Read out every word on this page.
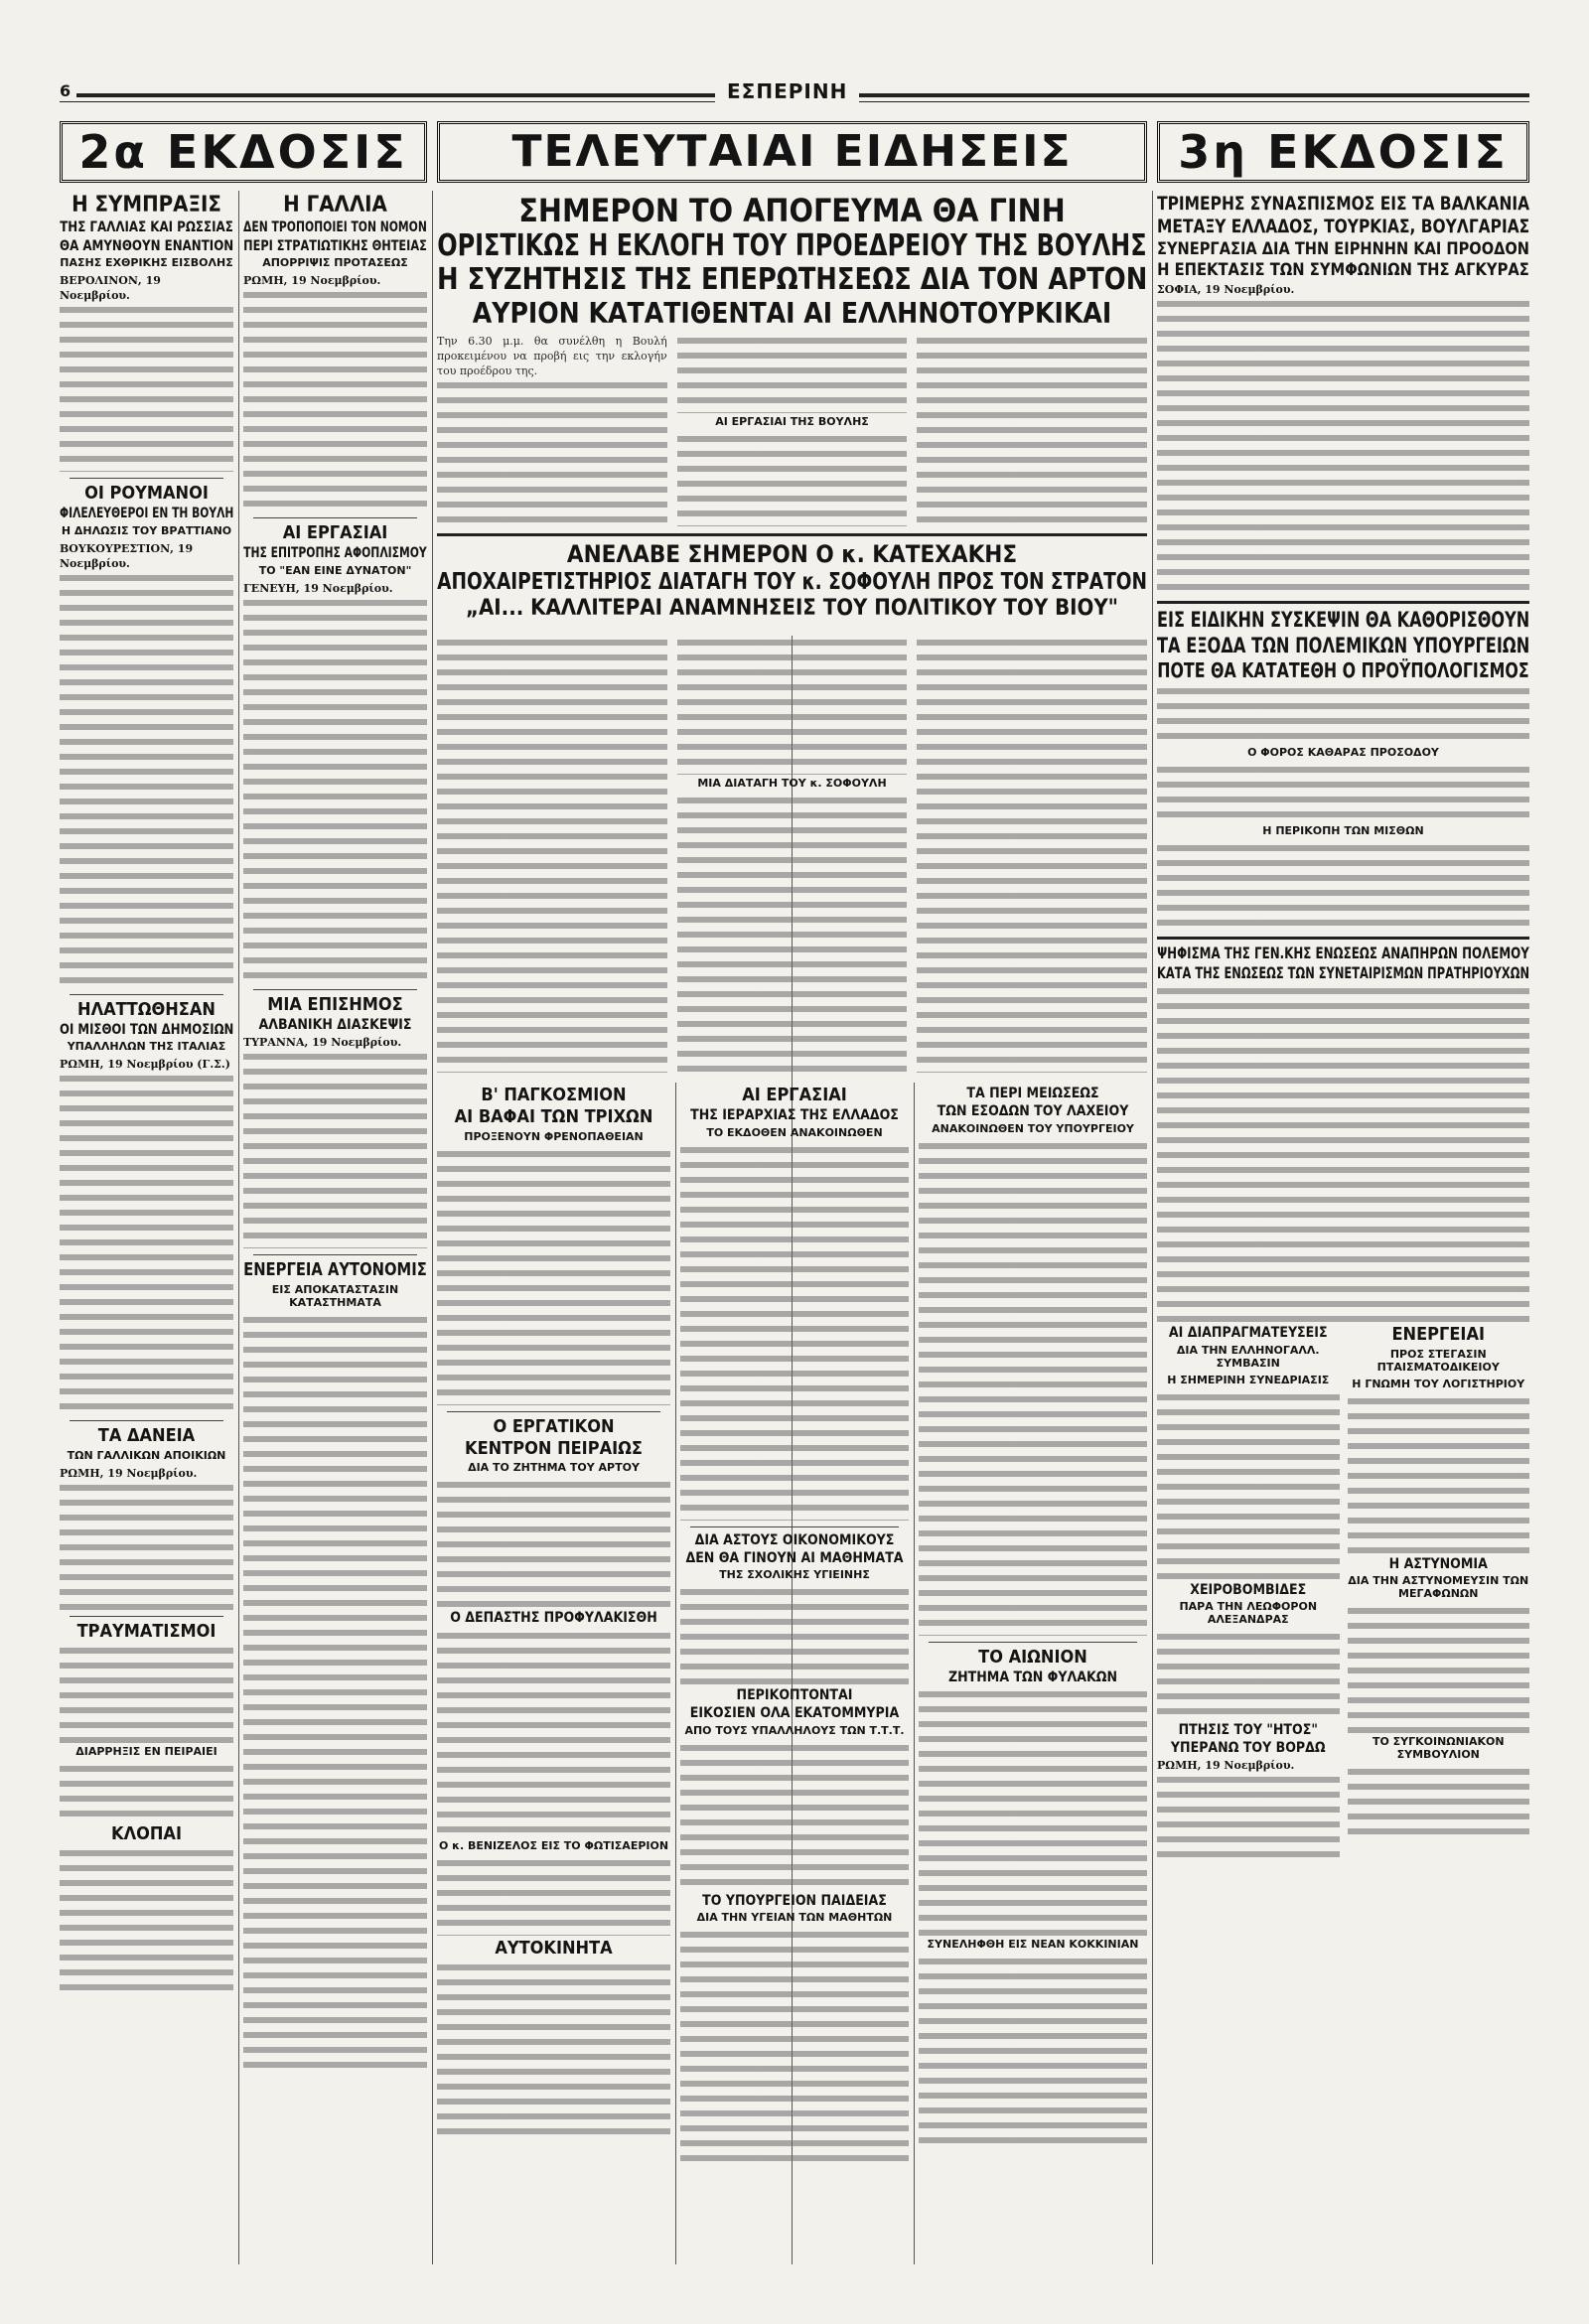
6	ΕΣΠΕΡΙΝΗ
2α ΕΚΔΟΣΙΣ	ΤΕΛΕΥΤΑΙΑΙ ΕΙΔΗΣΕΙΣ	3η ΕΚΔΟΣΙΣ
Η ΣΥΜΠΡΑΞΙΣ
ΤΗΣ ΓΑΛΛΙΑΣ ΚΑΙ ΡΩΣΣΙΑΣ
ΘΑ ΑΜΥΝΘΟΥΝ ΕΝΑΝΤΙΟΝ
ΠΑΣΗΣ ΕΧΘΡΙΚΗΣ ΕΙΣΒΟΛΗΣ
ΒΕΡΟΛΙΝΟΝ, 19 Νοεμβρίου.
ΟΙ ΡΟΥΜΑΝΟΙ
ΦΙΛΕΛΕΥΘΕΡΟΙ ΕΝ ΤΗ ΒΟΥΛΗ
Η ΔΗΛΩΣΙΣ ΤΟΥ ΒΡΑΤΤΙΑΝΟ
ΒΟΥΚΟΥΡΕΣΤΙΟΝ, 19 Νοεμβρίου.
ΗΛΑΤΤΩΘΗΣΑΝ
ΟΙ ΜΙΣΘΟΙ ΤΩΝ ΔΗΜΟΣΙΩΝ
ΥΠΑΛΛΗΛΩΝ ΤΗΣ ΙΤΑΛΙΑΣ
ΡΩΜΗ, 19 Νοεμβρίου (Γ.Σ.)
ΤΑ ΔΑΝΕΙΑ
ΤΩΝ ΓΑΛΛΙΚΩΝ ΑΠΟΙΚΙΩΝ
ΡΩΜΗ, 19 Νοεμβρίου.
ΤΡΑΥΜΑΤΙΣΜΟΙ
ΔΙΑΡΡΗΞΙΣ ΕΝ ΠΕΙΡΑΙΕΙ
ΚΛΟΠΑΙ
Η ΓΑΛΛΙΑ
ΔΕΝ ΤΡΟΠΟΠΟΙΕΙ ΤΟΝ ΝΟΜΟΝ
ΠΕΡΙ ΣΤΡΑΤΙΩΤΙΚΗΣ ΘΗΤΕΙΑΣ
ΑΠΟΡΡΙΨΙΣ ΠΡΟΤΑΣΕΩΣ
ΡΩΜΗ, 19 Νοεμβρίου.
ΑΙ ΕΡΓΑΣΙΑΙ
ΤΗΣ ΕΠΙΤΡΟΠΗΣ ΑΦΟΠΛΙΣΜΟΥ
ΤΟ "ΕΑΝ ΕΙΝΕ ΔΥΝΑΤΟΝ"
ΓΕΝΕΥΗ, 19 Νοεμβρίου.
ΜΙΑ ΕΠΙΣΗΜΟΣ
ΑΛΒΑΝΙΚΗ ΔΙΑΣΚΕΨΙΣ
ΤΥΡΑΝΝΑ, 19 Νοεμβρίου.
ΕΝΕΡΓΕΙΑ ΑΥΤΟΝΟΜΙΣ
ΕΙΣ ΑΠΟΚΑΤΑΣΤΑΣΙΝ ΚΑΤΑΣΤΗΜΑΤΑ
ΣΗΜΕΡΟΝ ΤΟ ΑΠΟΓΕΥΜΑ ΘΑ ΓΙΝΗ
ΟΡΙΣΤΙΚΩΣ Η ΕΚΛΟΓΗ ΤΟΥ ΠΡΟΕΔΡΕΙΟΥ ΤΗΣ ΒΟΥΛΗΣ
Η ΣΥΖΗΤΗΣΙΣ ΤΗΣ ΕΠΕΡΩΤΗΣΕΩΣ ΔΙΑ ΤΟΝ ΑΡΤΟΝ
ΑΥΡΙΟΝ ΚΑΤΑΤΙΘΕΝΤΑΙ ΑΙ ΕΛΛΗΝΟΤΟΥΡΚΙΚΑΙ

Την 6.30 μ.μ. θα συνέλθη η Βουλή προκειμένου να προβή εις την εκλογήν του προέδρου της.

ΑΙ ΕΡΓΑΣΙΑΙ ΤΗΣ ΒΟΥΛΗΣ
ΑΝΕΛΑΒΕ ΣΗΜΕΡΟΝ Ο κ. ΚΑΤΕΧΑΚΗΣ
ΑΠΟΧΑΙΡΕΤΙΣΤΗΡΙΟΣ ΔΙΑΤΑΓΗ ΤΟΥ κ. ΣΟΦΟΥΛΗ ΠΡΟΣ ΤΟΝ ΣΤΡΑΤΟΝ
„ΑΙ... ΚΑΛΛΙΤΕΡΑΙ ΑΝΑΜΝΗΣΕΙΣ ΤΟΥ ΠΟΛΙΤΙΚΟΥ ΤΟΥ ΒΙΟΥ"
ΜΙΑ ΔΙΑΤΑΓΗ ΤΟΥ κ. ΣΟΦΟΥΛΗ
Β' ΠΑΓΚΟΣΜΙΟΝ
ΑΙ ΒΑΦΑΙ ΤΩΝ ΤΡΙΧΩΝ
ΠΡΟΞΕΝΟΥΝ ΦΡΕΝΟΠΑΘΕΙΑΝ
Ο ΕΡΓΑΤΙΚΟΝ
ΚΕΝΤΡΟΝ ΠΕΙΡΑΙΩΣ
ΔΙΑ ΤΟ ΖΗΤΗΜΑ ΤΟΥ ΑΡΤΟΥ
Ο ΔΕΠΑΣΤΗΣ ΠΡΟΦΥΛΑΚΙΣΘΗ
Ο κ. ΒΕΝΙΖΕΛΟΣ ΕΙΣ ΤΟ ΦΩΤΙΣΑΕΡΙΟΝ
ΑΥΤΟΚΙΝΗΤΑ
ΑΙ ΕΡΓΑΣΙΑΙ
ΤΗΣ ΙΕΡΑΡΧΙΑΣ ΤΗΣ ΕΛΛΑΔΟΣ
ΤΟ ΕΚΔΟΘΕΝ ΑΝΑΚΟΙΝΩΘΕΝ
ΔΙΑ ΑΣΤΟΥΣ ΟΙΚΟΝΟΜΙΚΟΥΣ
ΔΕΝ ΘΑ ΓΙΝΟΥΝ ΑΙ ΜΑΘΗΜΑΤΑ
ΤΗΣ ΣΧΟΛΙΚΗΣ ΥΓΙΕΙΝΗΣ
ΠΕΡΙΚΟΠΤΟΝΤΑΙ
ΕΙΚΟΣΙΕΝ ΟΛΑ ΕΚΑΤΟΜΜΥΡΙΑ
ΑΠΟ ΤΟΥΣ ΥΠΑΛΛΗΛΟΥΣ ΤΩΝ Τ.Τ.Τ.
ΤΟ ΥΠΟΥΡΓΕΙΟΝ ΠΑΙΔΕΙΑΣ
ΔΙΑ ΤΗΝ ΥΓΕΙΑΝ ΤΩΝ ΜΑΘΗΤΩΝ
ΤΑ ΠΕΡΙ ΜΕΙΩΣΕΩΣ
ΤΩΝ ΕΣΟΔΩΝ ΤΟΥ ΛΑΧΕΙΟΥ
ΑΝΑΚΟΙΝΩΘΕΝ ΤΟΥ ΥΠΟΥΡΓΕΙΟΥ
ΤΟ ΑΙΩΝΙΟΝ
ΖΗΤΗΜΑ ΤΩΝ ΦΥΛΑΚΩΝ
ΣΥΝΕΛΗΦΘΗ ΕΙΣ ΝΕΑΝ ΚΟΚΚΙΝΙΑΝ
ΤΡΙΜΕΡΗΣ ΣΥΝΑΣΠΙΣΜΟΣ ΕΙΣ ΤΑ ΒΑΛΚΑΝΙΑ
ΜΕΤΑΞΥ ΕΛΛΑΔΟΣ, ΤΟΥΡΚΙΑΣ, ΒΟΥΛΓΑΡΙΑΣ
ΣΥΝΕΡΓΑΣΙΑ ΔΙΑ ΤΗΝ ΕΙΡΗΝΗΝ ΚΑΙ ΠΡΟΟΔΟΝ
Η ΕΠΕΚΤΑΣΙΣ ΤΩΝ ΣΥΜΦΩΝΙΩΝ ΤΗΣ ΑΓΚΥΡΑΣ
ΣΟΦΙΑ, 19 Νοεμβρίου.
ΕΙΣ ΕΙΔΙΚΗΝ ΣΥΣΚΕΨΙΝ ΘΑ ΚΑΘΟΡΙΣΘΟΥΝ
ΤΑ ΕΞΟΔΑ ΤΩΝ ΠΟΛΕΜΙΚΩΝ ΥΠΟΥΡΓΕΙΩΝ
ΠΟΤΕ ΘΑ ΚΑΤΑΤΕΘΗ Ο ΠΡΟΫΠΟΛΟΓΙΣΜΟΣ
Ο ΦΟΡΟΣ ΚΑΘΑΡΑΣ ΠΡΟΣΟΔΟΥ
Η ΠΕΡΙΚΟΠΗ ΤΩΝ ΜΙΣΘΩΝ
ΨΗΦΙΣΜΑ ΤΗΣ ΓΕΝ.ΚΗΣ ΕΝΩΣΕΩΣ ΑΝΑΠΗΡΩΝ ΠΟΛΕΜΟΥ
ΚΑΤΑ ΤΗΣ ΕΝΩΣΕΩΣ ΤΩΝ ΣΥΝΕΤΑΙΡΙΣΜΩΝ ΠΡΑΤΗΡΙΟΥΧΩΝ
ΑΙ ΔΙΑΠΡΑΓΜΑΤΕΥΣΕΙΣ
ΔΙΑ ΤΗΝ ΕΛΛΗΝΟΓΑΛΛ. ΣΥΜΒΑΣΙΝ
Η ΣΗΜΕΡΙΝΗ ΣΥΝΕΔΡΙΑΣΙΣ
ΧΕΙΡΟΒΟΜΒΙΔΕΣ
ΠΑΡΑ ΤΗΝ ΛΕΩΦΟΡΟΝ ΑΛΕΞΑΝΔΡΑΣ
ΠΤΗΣΙΣ ΤΟΥ "ΗΤΟΣ"
ΥΠΕΡΑΝΩ ΤΟΥ ΒΟΡΔΩ
ΡΩΜΗ, 19 Νοεμβρίου.
ΕΝΕΡΓΕΙΑΙ
ΠΡΟΣ ΣΤΕΓΑΣΙΝ ΠΤΑΙΣΜΑΤΟΔΙΚΕΙΟΥ
Η ΓΝΩΜΗ ΤΟΥ ΛΟΓΙΣΤΗΡΙΟΥ
Η ΑΣΤΥΝΟΜΙΑ
ΔΙΑ ΤΗΝ ΑΣΤΥΝΟΜΕΥΣΙΝ ΤΩΝ ΜΕΓΑΦΩΝΩΝ
ΤΟ ΣΥΓΚΟΙΝΩΝΙΑΚΟΝ ΣΥΜΒΟΥΛΙΟΝ
